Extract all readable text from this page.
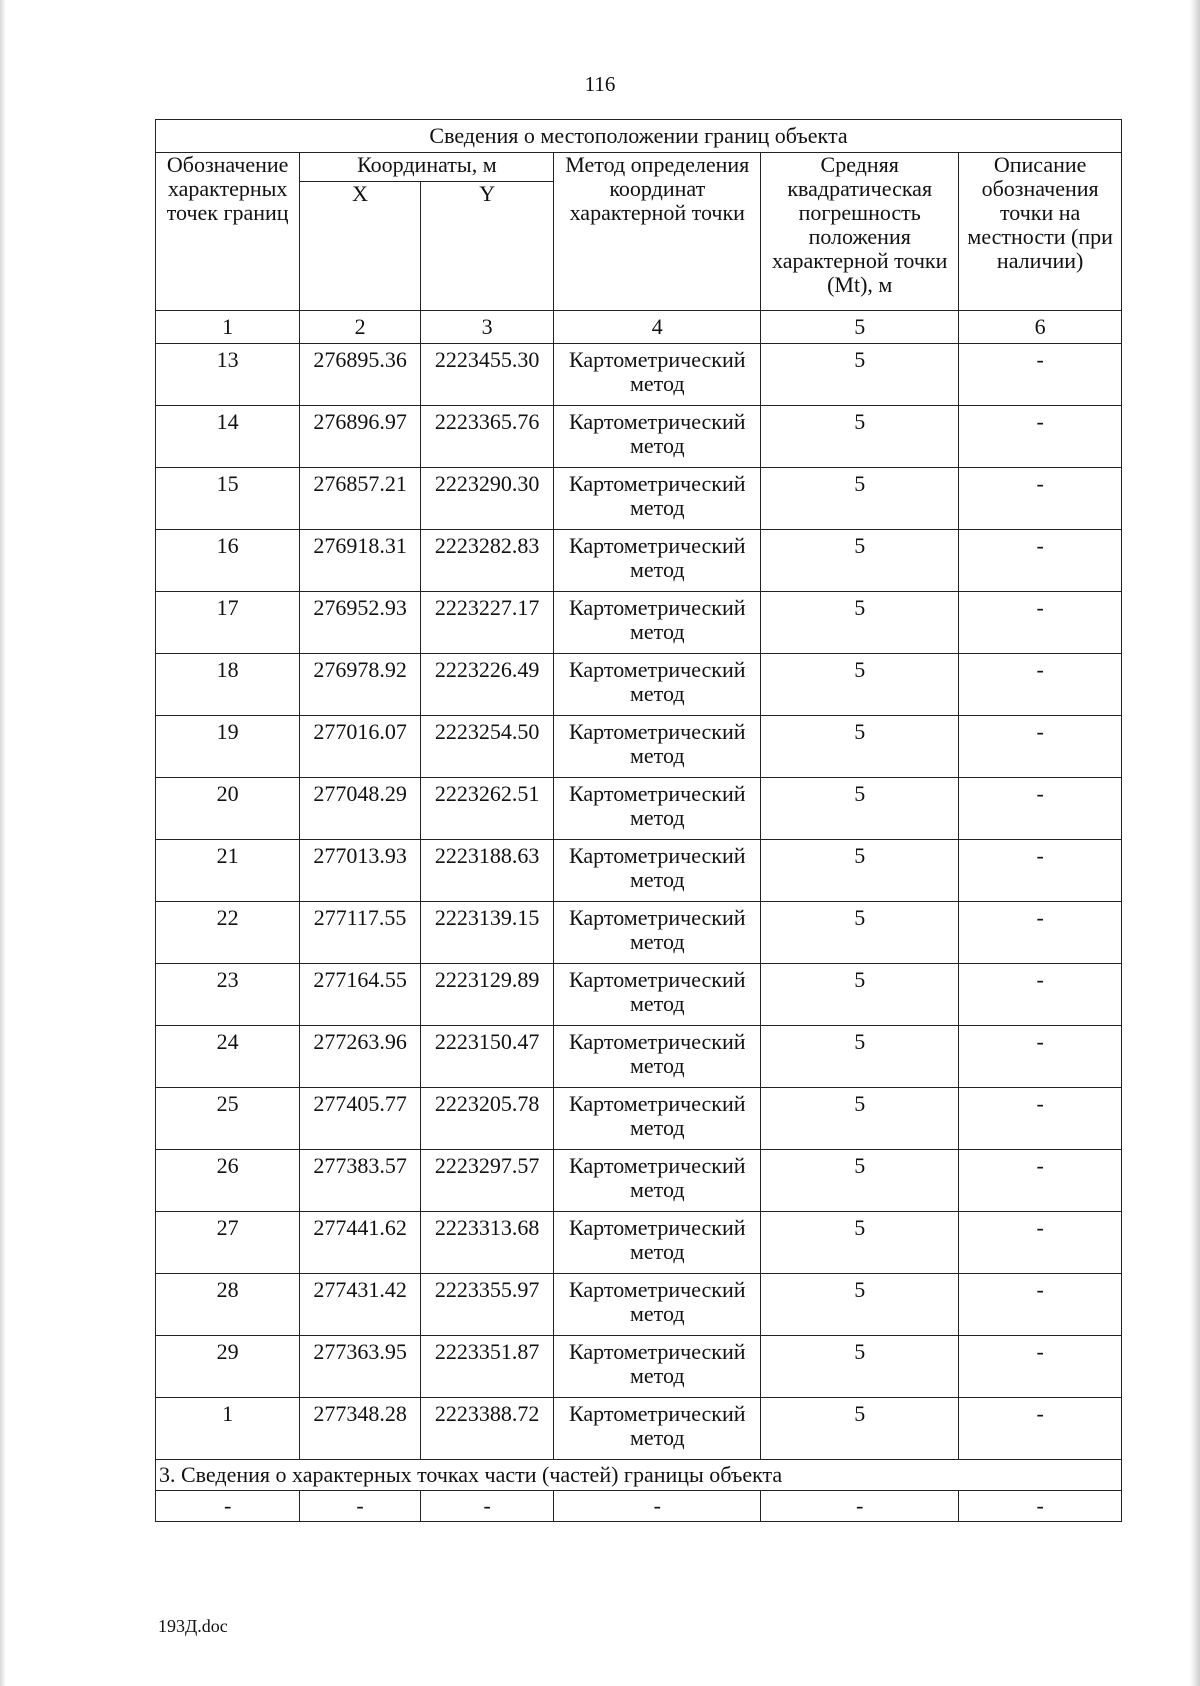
116
Сведения о местоположении границ объекта					
Обозначение характерных точек границ	Координаты, м		Метод определения координат характерной точки	Средняя квадратическая погрешность положения характерной точки (Mt), м	Описание обозначения точки на местности (при наличии)
	X	Y			
1	2	3	4	5	6
13	276895.36	2223455.30	Картометрический метод	5	-
14	276896.97	2223365.76	Картометрический метод	5	-
15	276857.21	2223290.30	Картометрический метод	5	-
16	276918.31	2223282.83	Картометрический метод	5	-
17	276952.93	2223227.17	Картометрический метод	5	-
18	276978.92	2223226.49	Картометрический метод	5	-
19	277016.07	2223254.50	Картометрический метод	5	-
20	277048.29	2223262.51	Картометрический метод	5	-
21	277013.93	2223188.63	Картометрический метод	5	-
22	277117.55	2223139.15	Картометрический метод	5	-
23	277164.55	2223129.89	Картометрический метод	5	-
24	277263.96	2223150.47	Картометрический метод	5	-
25	277405.77	2223205.78	Картометрический метод	5	-
26	277383.57	2223297.57	Картометрический метод	5	-
27	277441.62	2223313.68	Картометрический метод	5	-
28	277431.42	2223355.97	Картометрический метод	5	-
29	277363.95	2223351.87	Картометрический метод	5	-
1	277348.28	2223388.72	Картометрический метод	5	-
3. Сведения о характерных точках части (частей) границы объекта					
-	-	-	-	-	-
193Д.doc
